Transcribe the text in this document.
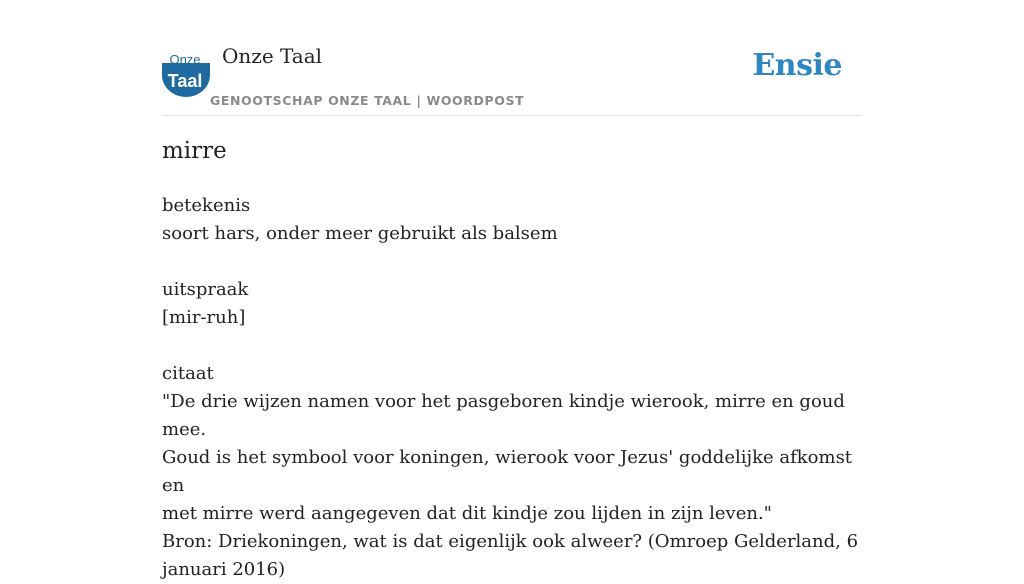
Onze
Taal
Onze Taal
GENOOTSCHAP ONZE TAAL | WOORDPOST
Ensie
mirre
betekenis
soort hars, onder meer gebruikt als balsem
uitspraak
[mir-ruh]
citaat
"De drie wijzen namen voor het pasgeboren kindje wierook, mirre en goud mee.
Goud is het symbool voor koningen, wierook voor Jezus' goddelijke afkomst en
met mirre werd aangegeven dat dit kindje zou lijden in zijn leven."
Bron: Driekoningen, wat is dat eigenlijk ook alweer? (Omroep Gelderland, 6
januari 2016)
